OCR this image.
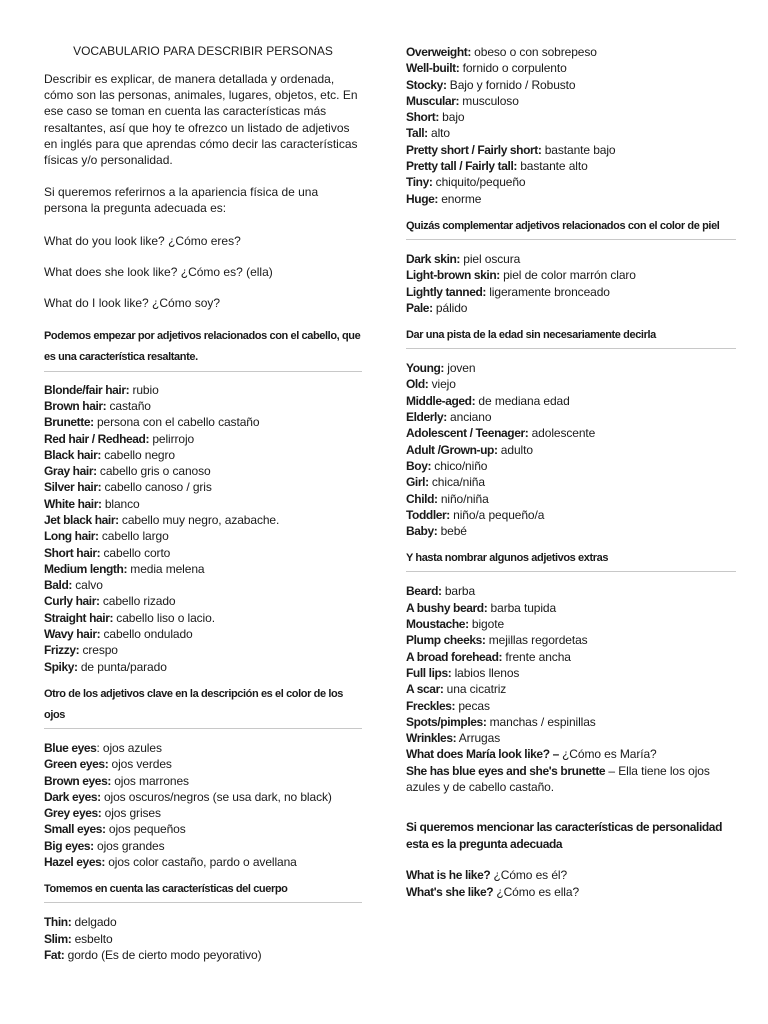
VOCABULARIO PARA DESCRIBIR PERSONAS

Describir es explicar, de manera detallada y ordenada, cómo son las personas, animales, lugares, objetos, etc. En ese caso se toman en cuenta las características más resaltantes, así que hoy te ofrezco un listado de adjetivos en inglés para que aprendas cómo decir las características físicas y/o personalidad.

Si queremos referirnos a la apariencia física de una persona la pregunta adecuada es:

What do you look like? ¿Cómo eres?

What does she look like? ¿Cómo es? (ella)

What do I look like? ¿Cómo soy?

Podemos empezar por adjetivos relacionados con el cabello, que es una característica resaltante.
Blonde/fair hair: rubio
Brown hair: castaño
Brunette: persona con el cabello castaño
Red hair / Redhead: pelirrojo
Black hair: cabello negro
Gray hair: cabello gris o canoso
Silver hair: cabello canoso / gris
White hair: blanco
Jet black hair: cabello muy negro, azabache.
Long hair: cabello largo
Short hair: cabello corto
Medium length: media melena
Bald: calvo
Curly hair: cabello rizado
Straight hair: cabello liso o lacio.
Wavy hair: cabello ondulado
Frizzy: crespo
Spiky: de punta/parado
Otro de los adjetivos clave en la descripción es el color de los ojos
Blue eyes: ojos azules
Green eyes: ojos verdes
Brown eyes: ojos marrones
Dark eyes: ojos oscuros/negros (se usa dark, no black)
Grey eyes: ojos grises
Small eyes: ojos pequeños
Big eyes: ojos grandes
Hazel eyes: ojos color castaño, pardo o avellana
Tomemos en cuenta las características del cuerpo
Thin: delgado
Slim: esbelto
Fat: gordo (Es de cierto modo peyorativo)
Overweight: obeso o con sobrepeso
Well-built: fornido o corpulento
Stocky: Bajo y fornido / Robusto
Muscular: musculoso
Short: bajo
Tall: alto
Pretty short / Fairly short: bastante bajo
Pretty tall / Fairly tall: bastante alto
Tiny: chiquito/pequeño
Huge: enorme
Quizás complementar adjetivos relacionados con el color de piel
Dark skin: piel oscura
Light-brown skin: piel de color marrón claro
Lightly tanned: ligeramente bronceado
Pale: pálido
Dar una pista de la edad sin necesariamente decirla
Young: joven
Old: viejo
Middle-aged: de mediana edad
Elderly: anciano
Adolescent / Teenager: adolescente
Adult /Grown-up: adulto
Boy: chico/niño
Girl: chica/niña
Child: niño/niña
Toddler: niño/a pequeño/a
Baby: bebé
Y hasta nombrar algunos adjetivos extras
Beard: barba
A bushy beard: barba tupida
Moustache: bigote
Plump cheeks: mejillas regordetas
A broad forehead: frente ancha
Full lips: labios llenos
A scar: una cicatriz
Freckles: pecas
Spots/pimples: manchas / espinillas
Wrinkles: Arrugas
What does María look like? – ¿Cómo es María?
She has blue eyes and she's brunette – Ella tiene los ojos azules y de cabello castaño.
Si queremos mencionar las características de personalidad esta es la pregunta adecuada
What is he like? ¿Cómo es él?
What's she like? ¿Cómo es ella?
